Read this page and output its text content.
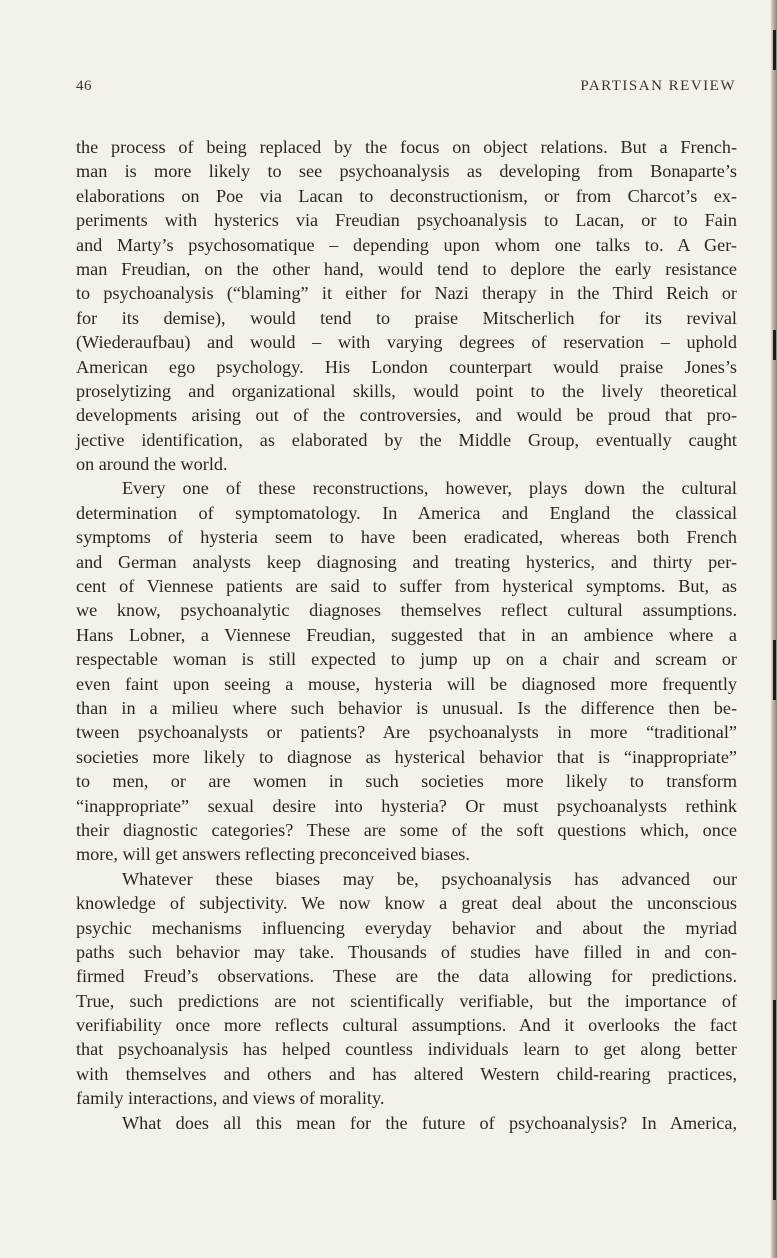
46	PARTISAN REVIEW
the process of being replaced by the focus on object relations. But a French-
man is more likely to see psychoanalysis as developing from Bonaparte’s
elaborations on Poe via Lacan to deconstructionism, or from Charcot’s ex-
periments with hysterics via Freudian psychoanalysis to Lacan, or to Fain
and Marty’s psychosomatique – depending upon whom one talks to. A Ger-
man Freudian, on the other hand, would tend to deplore the early resistance
to psychoanalysis (“blaming” it either for Nazi therapy in the Third Reich or
for its demise), would tend to praise Mitscherlich for its revival
(Wiederaufbau) and would – with varying degrees of reservation – uphold
American ego psychology. His London counterpart would praise Jones’s
proselytizing and organizational skills, would point to the lively theoretical
developments arising out of the controversies, and would be proud that pro-
jective identification, as elaborated by the Middle Group, eventually caught
on around the world.
Every one of these reconstructions, however, plays down the cultural
determination of symptomatology. In America and England the classical
symptoms of hysteria seem to have been eradicated, whereas both French
and German analysts keep diagnosing and treating hysterics, and thirty per-
cent of Viennese patients are said to suffer from hysterical symptoms. But, as
we know, psychoanalytic diagnoses themselves reflect cultural assumptions.
Hans Lobner, a Viennese Freudian, suggested that in an ambience where a
respectable woman is still expected to jump up on a chair and scream or
even faint upon seeing a mouse, hysteria will be diagnosed more frequently
than in a milieu where such behavior is unusual. Is the difference then be-
tween psychoanalysts or patients? Are psychoanalysts in more “traditional”
societies more likely to diagnose as hysterical behavior that is “inappropriate”
to men, or are women in such societies more likely to transform
“inappropriate” sexual desire into hysteria? Or must psychoanalysts rethink
their diagnostic categories? These are some of the soft questions which, once
more, will get answers reflecting preconceived biases.
Whatever these biases may be, psychoanalysis has advanced our
knowledge of subjectivity. We now know a great deal about the unconscious
psychic mechanisms influencing everyday behavior and about the myriad
paths such behavior may take. Thousands of studies have filled in and con-
firmed Freud’s observations. These are the data allowing for predictions.
True, such predictions are not scientifically verifiable, but the importance of
verifiability once more reflects cultural assumptions. And it overlooks the fact
that psychoanalysis has helped countless individuals learn to get along better
with themselves and others and has altered Western child-rearing practices,
family interactions, and views of morality.
What does all this mean for the future of psychoanalysis? In America,
